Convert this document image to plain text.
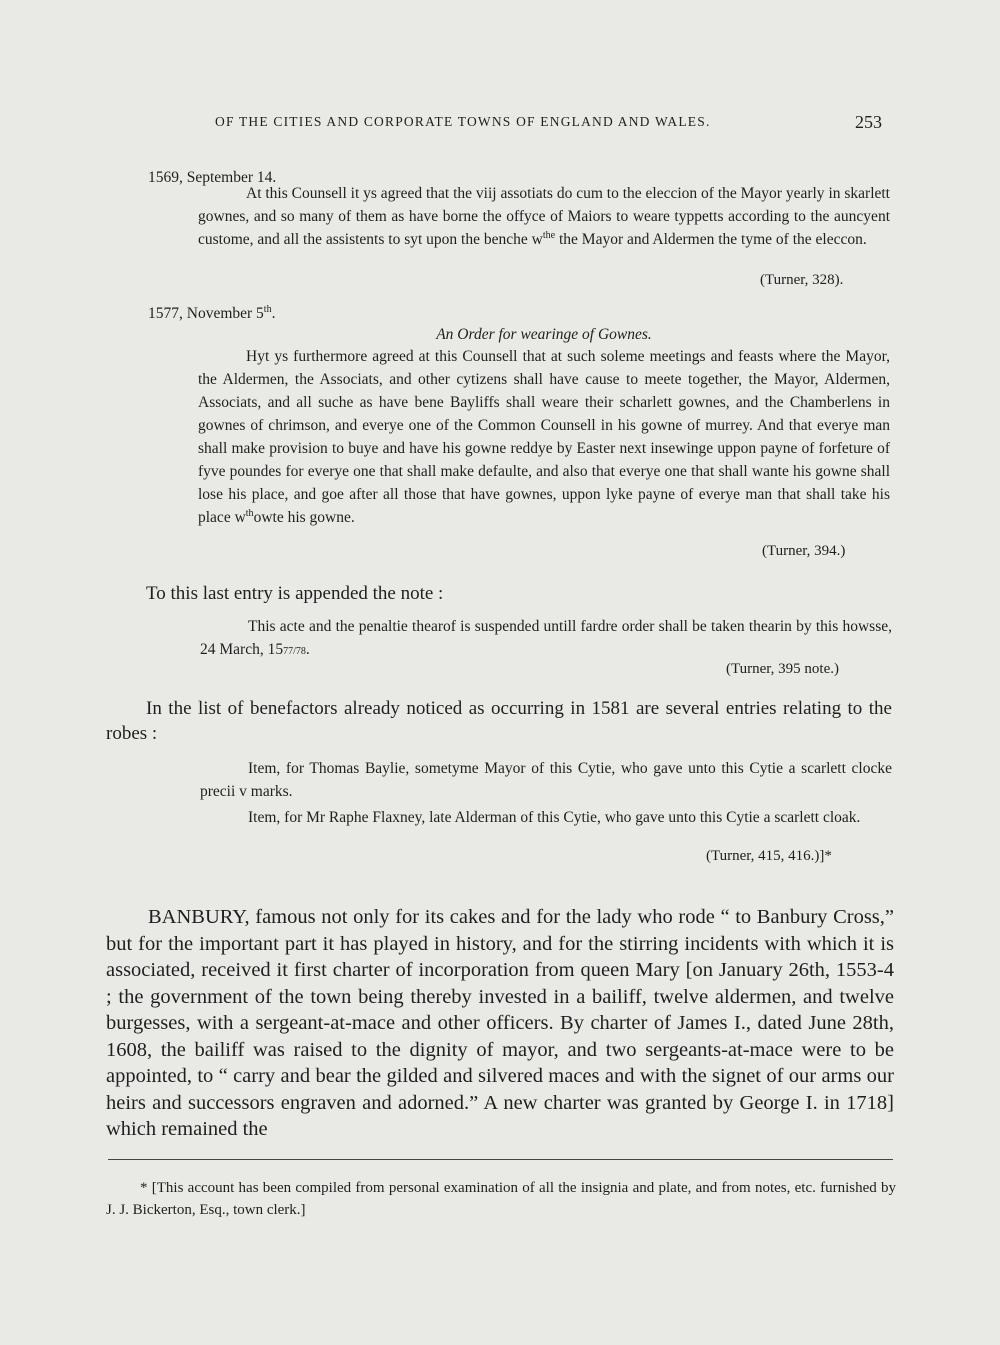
OF THE CITIES AND CORPORATE TOWNS OF ENGLAND AND WALES.	253
1569, September 14.
At this Counsell it ys agreed that the viij assotiats do cum to the eleccion of the Mayor yearly in skarlett gownes, and so many of them as have borne the offyce of Maiors to weare typpetts according to the auncyent custome, and all the assistents to syt upon the benche $w^{the}$ the Mayor and Aldermen the tyme of the eleccon.
(Turner, 328).
1577, November 5th.
An Order for wearinge of Gownes.
Hyt ys furthermore agreed at this Counsell that at such soleme meetings and feasts where the Mayor, the Aldermen, the Associats, and other cytizens shall have cause to meete together, the Mayor, Aldermen, Associats, and all suche as have bene Bayliffs shall weare their scharlett gownes, and the Chamberlens in gownes of chrimson, and everye one of the Common Counsell in his gowne of murrey. And that everye man shall make provision to buye and have his gowne reddye by Easter next insewinge uppon payne of forfeture of fyve poundes for everye one that shall make defaulte, and also that everye one that shall wante his gowne shall lose his place, and goe after all those that have gownes, uppon lyke payne of everye man that shall take his place $w^{th}owte$ his gowne.
(Turner, 394.)
To this last entry is appended the note :
This acte and the penaltie thearof is suspended untill fardre order shall be taken thearin by this howsse, 24 March, 1577/78.
(Turner, 395 note.)
In the list of benefactors already noticed as occurring in 1581 are several entries relating to the robes :
Item, for Thomas Baylie, sometyme Mayor of this Cytie, who gave unto this Cytie a scarlett clocke precii v marks.
Item, for Mr Raphe Flaxney, late Alderman of this Cytie, who gave unto this Cytie a scarlett cloak.
(Turner, 415, 416.)]*
BANBURY, famous not only for its cakes and for the lady who rode “ to Banbury Cross,” but for the important part it has played in history, and for the stirring incidents with which it is associated, received it first charter of incorporation from queen Mary [on January 26th, 1553-4 ; the government of the town being thereby invested in a bailiff, twelve aldermen, and twelve burgesses, with a sergeant-at-mace and other officers. By charter of James I., dated June 28th, 1608, the bailiff was raised to the dignity of mayor, and two sergeants-at-mace were to be appointed, to “ carry and bear the gilded and silvered maces and with the signet of our arms our heirs and successors engraven and adorned.” A new charter was granted by George I. in 1718] which remained the
* [This account has been compiled from personal examination of all the insignia and plate, and from notes, etc. furnished by J. J. Bickerton, Esq., town clerk.]
